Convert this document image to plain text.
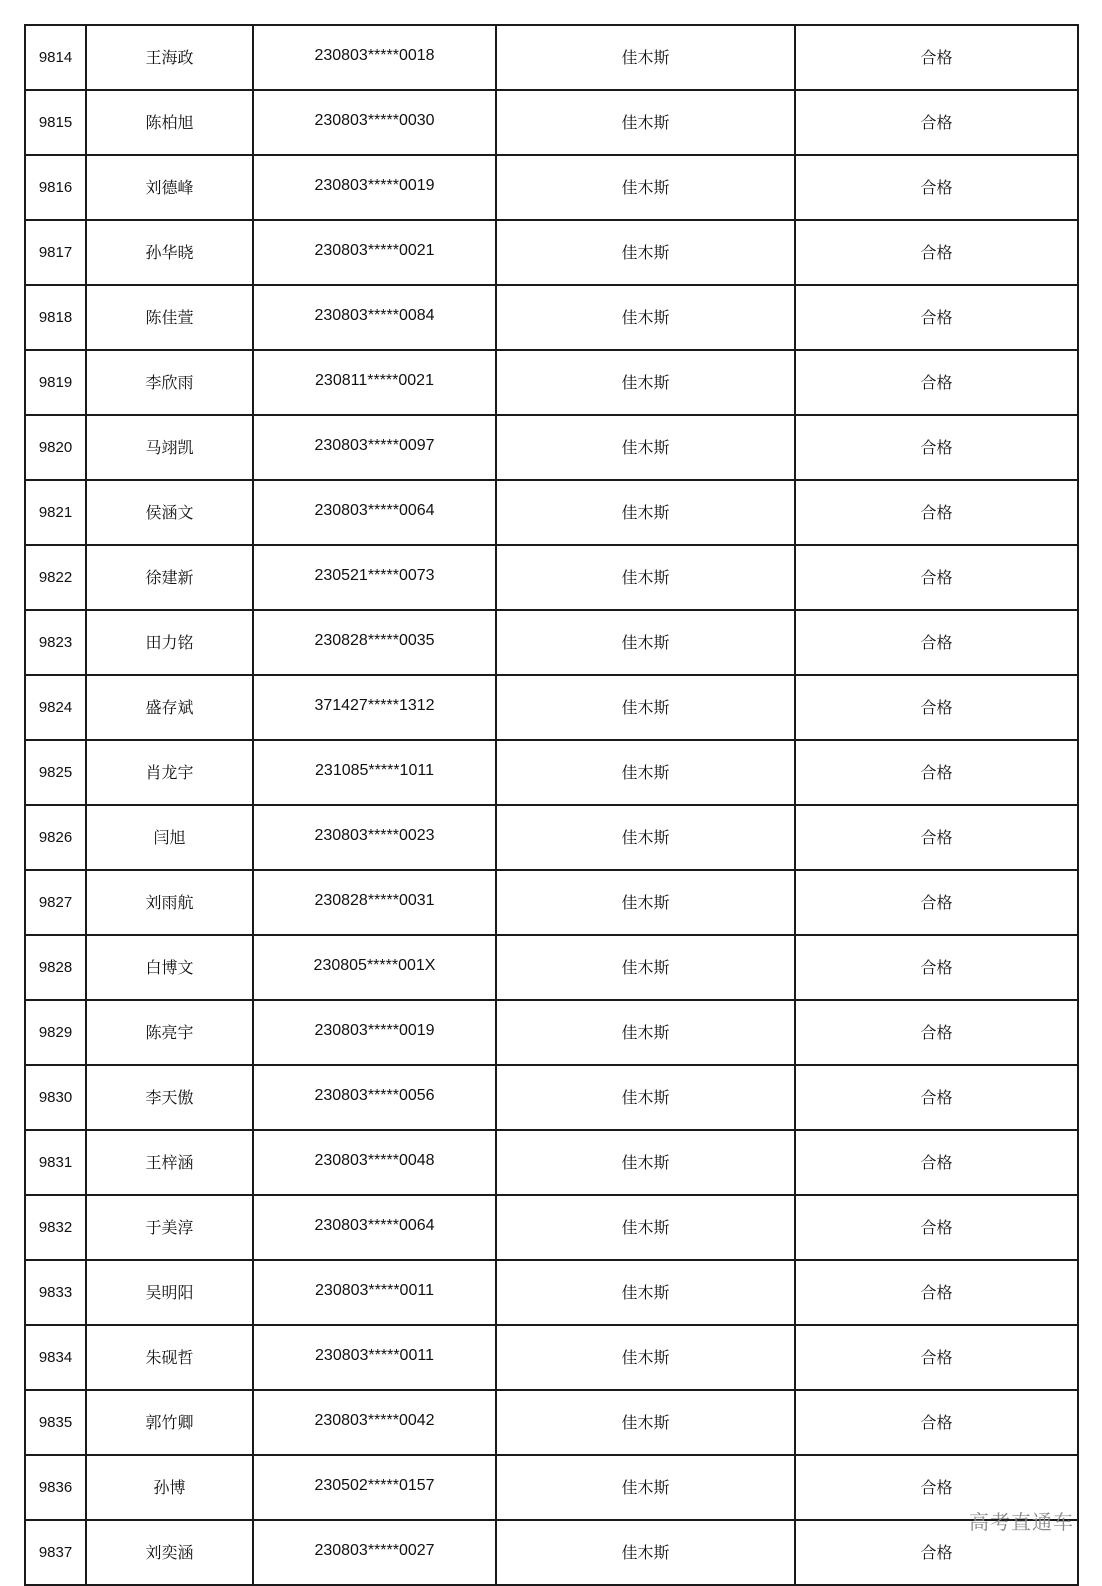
9814	王海政	230803*****0018	佳木斯	合格
9815	陈柏旭	230803*****0030	佳木斯	合格
9816	刘德峰	230803*****0019	佳木斯	合格
9817	孙华晓	230803*****0021	佳木斯	合格
9818	陈佳萱	230803*****0084	佳木斯	合格
9819	李欣雨	230811*****0021	佳木斯	合格
9820	马翊凯	230803*****0097	佳木斯	合格
9821	侯涵文	230803*****0064	佳木斯	合格
9822	徐建新	230521*****0073	佳木斯	合格
9823	田力铭	230828*****0035	佳木斯	合格
9824	盛存斌	371427*****1312	佳木斯	合格
9825	肖龙宇	231085*****1011	佳木斯	合格
9826	闫旭	230803*****0023	佳木斯	合格
9827	刘雨航	230828*****0031	佳木斯	合格
9828	白博文	230805*****001X	佳木斯	合格
9829	陈亮宇	230803*****0019	佳木斯	合格
9830	李天傲	230803*****0056	佳木斯	合格
9831	王梓涵	230803*****0048	佳木斯	合格
9832	于美淳	230803*****0064	佳木斯	合格
9833	吴明阳	230803*****0011	佳木斯	合格
9834	朱砚哲	230803*****0011	佳木斯	合格
9835	郭竹卿	230803*****0042	佳木斯	合格
9836	孙博	230502*****0157	佳木斯	合格
9837	刘奕涵	230803*****0027	佳木斯	合格
高考直通车
